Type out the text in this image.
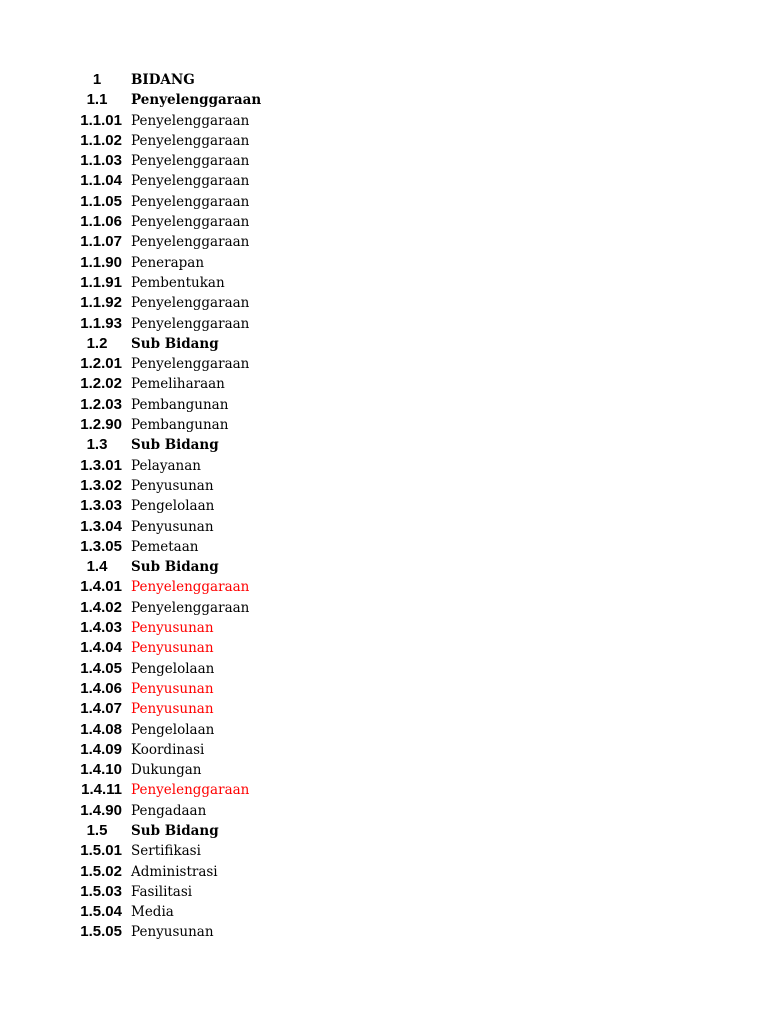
1	BIDANG
1.1	Penyelenggaraan
1.1.01 Penyelenggaraan
1.1.02 Penyelenggaraan
1.1.03 Penyelenggaraan
1.1.04 Penyelenggaraan
1.1.05 Penyelenggaraan
1.1.06 Penyelenggaraan
1.1.07 Penyelenggaraan
1.1.90 Penerapan
1.1.91 Pembentukan
1.1.92 Penyelenggaraan
1.1.93 Penyelenggaraan
1.2	Sub Bidang
1.2.01 Penyelenggaraan
1.2.02 Pemeliharaan
1.2.03 Pembangunan
1.2.90 Pembangunan
1.3	Sub Bidang
1.3.01 Pelayanan
1.3.02 Penyusunan
1.3.03 Pengelolaan
1.3.04 Penyusunan
1.3.05 Pemetaan
1.4	Sub Bidang
1.4.01 Penyelenggaraan
1.4.02 Penyelenggaraan
1.4.03 Penyusunan
1.4.04 Penyusunan
1.4.05 Pengelolaan
1.4.06 Penyusunan
1.4.07 Penyusunan
1.4.08 Pengelolaan
1.4.09 Koordinasi
1.4.10 Dukungan
1.4.11 Penyelenggaraan
1.4.90 Pengadaan
1.5	Sub Bidang
1.5.01 Sertifikasi
1.5.02 Administrasi
1.5.03 Fasilitasi
1.5.04 Media
1.5.05 Penyusunan
